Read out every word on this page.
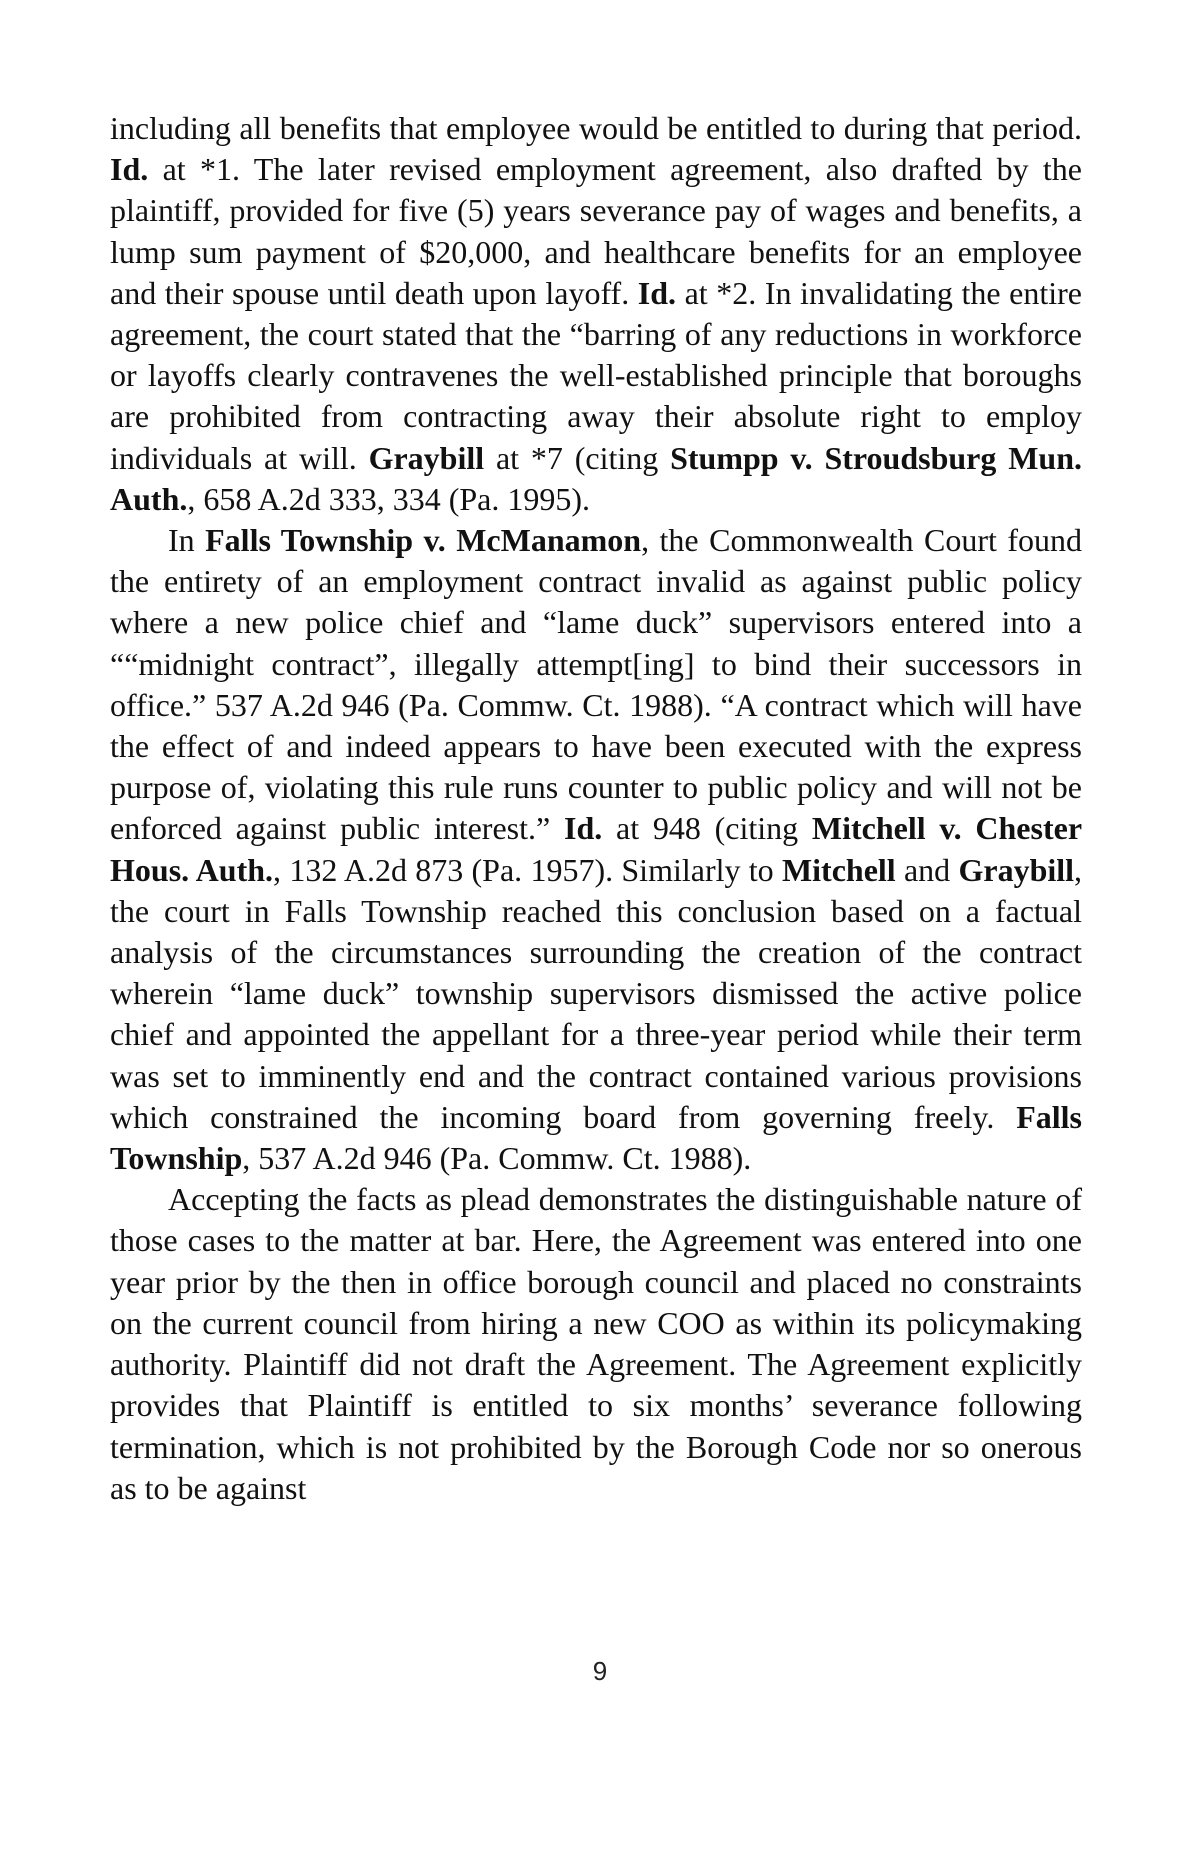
including all benefits that employee would be entitled to during that period. Id. at *1. The later revised employment agreement, also drafted by the plaintiff, provided for five (5) years severance pay of wages and benefits, a lump sum payment of $20,000, and healthcare benefits for an employee and their spouse until death upon layoff. Id. at *2. In invalidating the entire agreement, the court stated that the “barring of any reductions in workforce or layoffs clearly contravenes the well-established principle that boroughs are prohibited from contracting away their absolute right to employ individuals at will. Graybill at *7 (citing Stumpp v. Stroudsburg Mun. Auth., 658 A.2d 333, 334 (Pa. 1995).

In Falls Township v. McManamon, the Commonwealth Court found the entirety of an employment contract invalid as against public policy where a new police chief and “lame duck” supervisors entered into a ““midnight contract”, illegally attempt[ing] to bind their successors in office.” 537 A.2d 946 (Pa. Commw. Ct. 1988). “A contract which will have the effect of and indeed appears to have been executed with the express purpose of, violating this rule runs counter to public policy and will not be enforced against public interest.” Id. at 948 (citing Mitchell v. Chester Hous. Auth., 132 A.2d 873 (Pa. 1957). Similarly to Mitchell and Graybill, the court in Falls Township reached this conclusion based on a factual analysis of the circumstances surrounding the creation of the contract wherein “lame duck” township supervisors dismissed the active police chief and appointed the appellant for a three-year period while their term was set to imminently end and the contract contained various provisions which constrained the incoming board from governing freely. Falls Township, 537 A.2d 946 (Pa. Commw. Ct. 1988).

Accepting the facts as plead demonstrates the distinguishable nature of those cases to the matter at bar. Here, the Agreement was entered into one year prior by the then in office borough council and placed no constraints on the current council from hiring a new COO as within its policymaking authority. Plaintiff did not draft the Agreement. The Agreement explicitly provides that Plaintiff is entitled to six months’ severance following termination, which is not prohibited by the Borough Code nor so onerous as to be against

9
